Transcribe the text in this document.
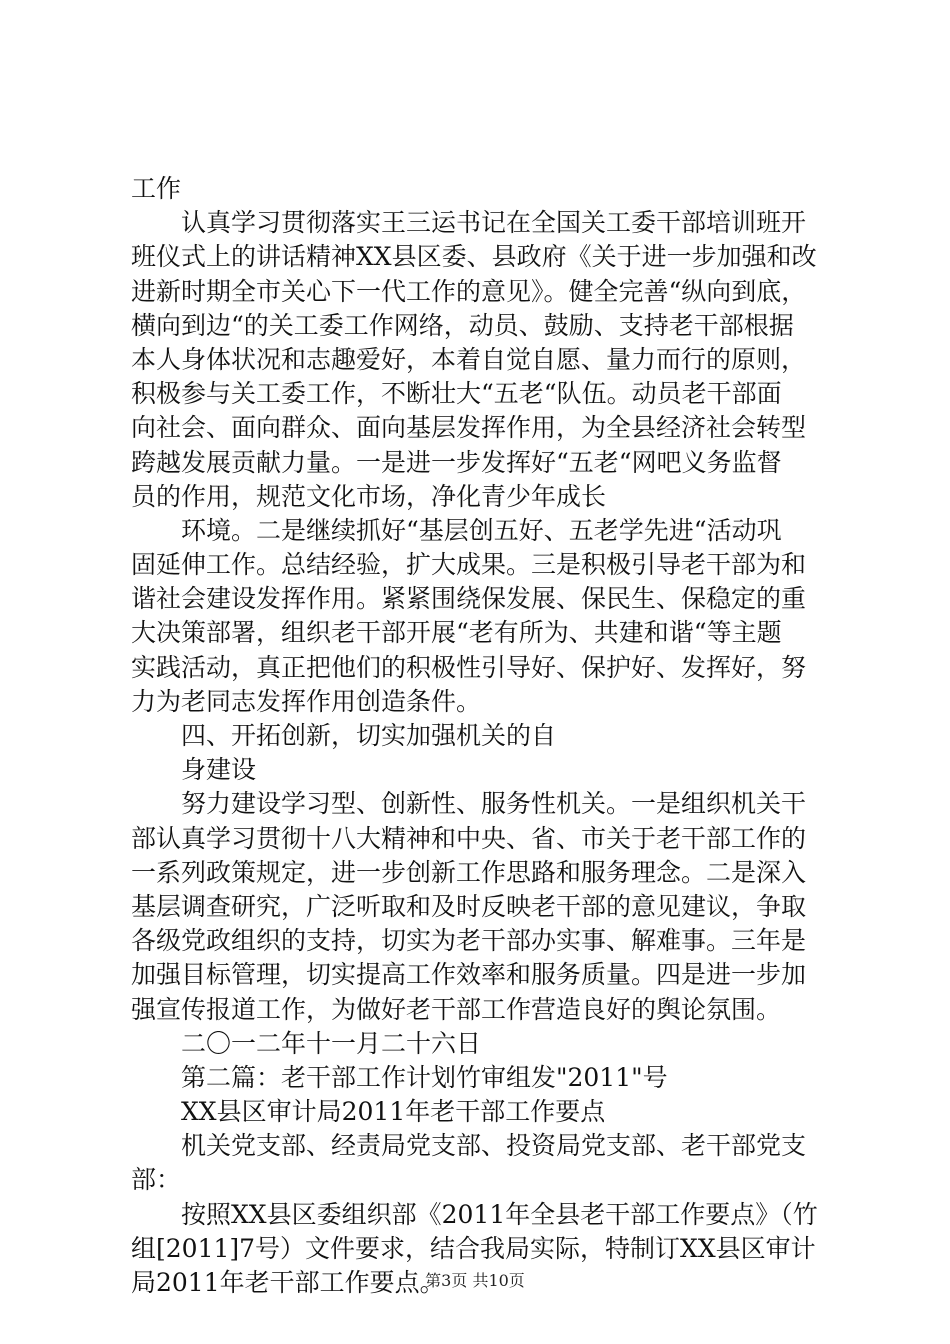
工作
认真学习贯彻落实王三运书记在全国关工委干部培训班开
班仪式上的讲话精神XX县区委、县政府《关于进一步加强和改
进新时期全市关心下一代工作的意见》。健全完善“纵向到底，
横向到边“的关工委工作网络，动员、鼓励、支持老干部根据
本人身体状况和志趣爱好，本着自觉自愿、量力而行的原则，
积极参与关工委工作，不断壮大“五老“队伍。动员老干部面
向社会、面向群众、面向基层发挥作用，为全县经济社会转型
跨越发展贡献力量。一是进一步发挥好“五老“网吧义务监督
员的作用，规范文化市场，净化青少年成长
环境。二是继续抓好“基层创五好、五老学先进“活动巩
固延伸工作。总结经验，扩大成果。三是积极引导老干部为和
谐社会建设发挥作用。紧紧围绕保发展、保民生、保稳定的重
大决策部署，组织老干部开展“老有所为、共建和谐“等主题
实践活动，真正把他们的积极性引导好、保护好、发挥好，努
力为老同志发挥作用创造条件。
四、开拓创新，切实加强机关的自
身建设
努力建设学习型、创新性、服务性机关。一是组织机关干
部认真学习贯彻十八大精神和中央、省、市关于老干部工作的
一系列政策规定，进一步创新工作思路和服务理念。二是深入
基层调查研究，广泛听取和及时反映老干部的意见建议，争取
各级党政组织的支持，切实为老干部办实事、解难事。三年是
加强目标管理，切实提高工作效率和服务质量。四是进一步加
强宣传报道工作，为做好老干部工作营造良好的舆论氛围。
二〇一二年十一月二十六日
第二篇：老干部工作计划竹审组发"2011"号
XX县区审计局2011年老干部工作要点
机关党支部、经责局党支部、投资局党支部、老干部党支
部：
按照XX县区委组织部《2011年全县老干部工作要点》（竹
组[2011]7号）文件要求，结合我局实际，特制订XX县区审计
局2011年老干部工作要点。
第3页 共10页
